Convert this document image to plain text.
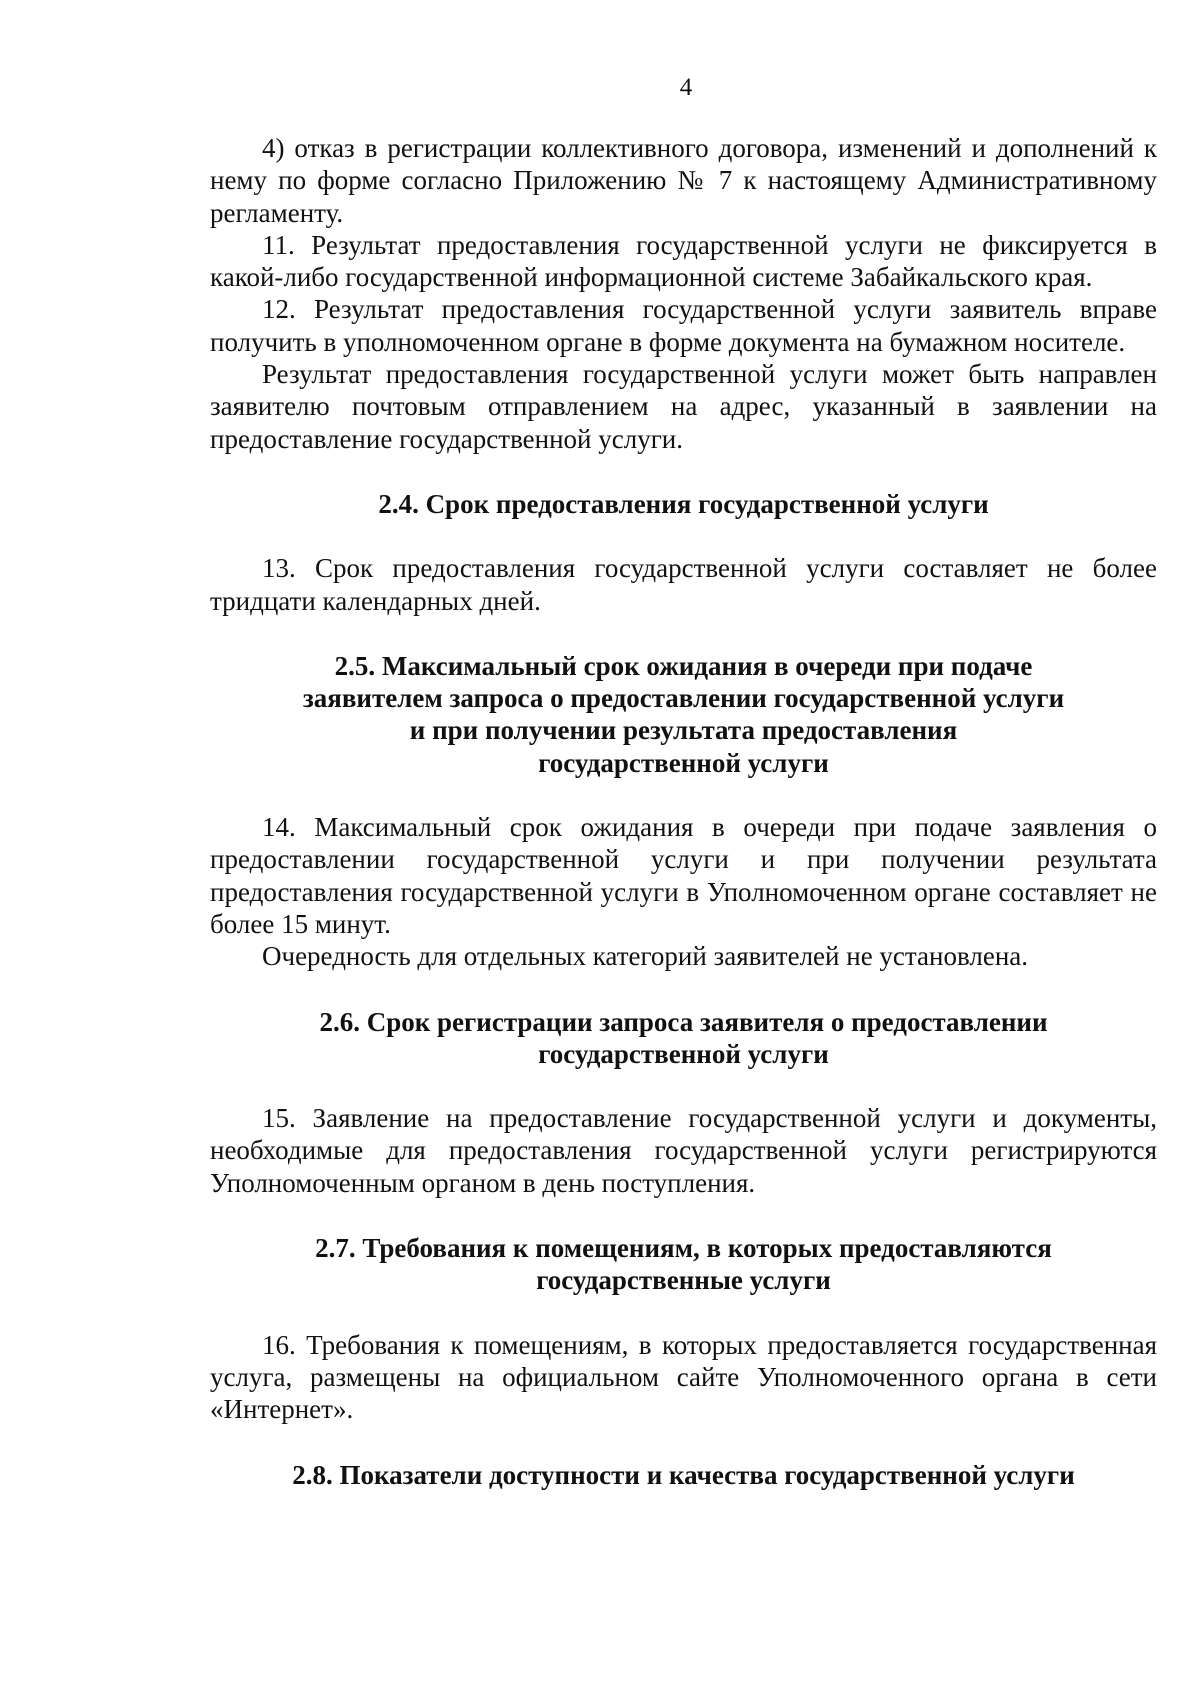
4

4) отказ в регистрации коллективного договора, изменений и дополнений к нему по форме согласно Приложению № 7 к настоящему Административному регламенту.

11. Результат предоставления государственной услуги не фиксируется в какой-либо государственной информационной системе Забайкальского края.

12. Результат предоставления государственной услуги заявитель вправе получить в уполномоченном органе в форме документа на бумажном носителе.

Результат предоставления государственной услуги может быть направлен заявителю почтовым отправлением на адрес, указанный в заявлении на предоставление государственной услуги.

2.4. Срок предоставления государственной услуги

13. Срок предоставления государственной услуги составляет не более тридцати календарных дней.

2.5. Максимальный срок ожидания в очереди при подаче
заявителем запроса о предоставлении государственной услуги
и при получении результата предоставления
государственной услуги

14. Максимальный срок ожидания в очереди при подаче заявления о предоставлении государственной услуги и при получении результата предоставления государственной услуги в Уполномоченном органе составляет не более 15 минут.

Очередность для отдельных категорий заявителей не установлена.

2.6. Срок регистрации запроса заявителя о предоставлении
государственной услуги

15. Заявление на предоставление государственной услуги и документы, необходимые для предоставления государственной услуги регистрируются Уполномоченным органом в день поступления.

2.7. Требования к помещениям, в которых предоставляются
государственные услуги

16. Требования к помещениям, в которых предоставляется государственная услуга, размещены на официальном сайте Уполномоченного органа в сети «Интернет».

2.8. Показатели доступности и качества государственной услуги
